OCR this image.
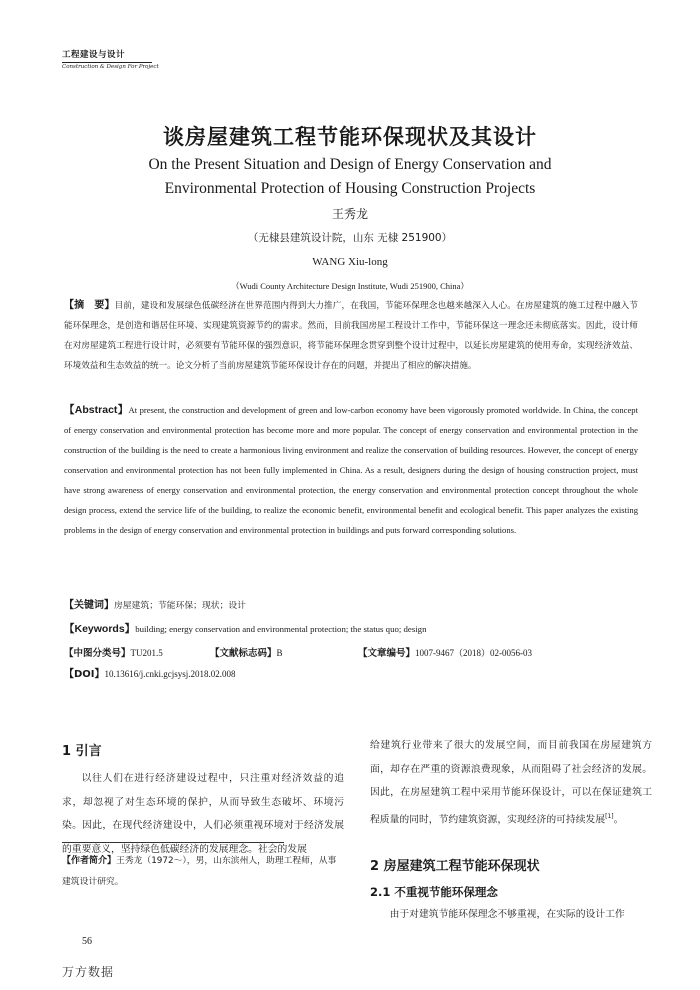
工程建设与设计
Construction & Design For Project
谈房屋建筑工程节能环保现状及其设计
On the Present Situation and Design of Energy Conservation and
Environmental Protection of Housing Construction Projects
王秀龙
（无棣县建筑设计院，山东 无棣 251900）
WANG Xiu-long
（Wudi County Architecture Design Institute, Wudi 251900, China）
【摘　要】目前，建设和发展绿色低碳经济在世界范围内得到大力推广，在我国，节能环保理念也越来越深入人心。在房屋建筑的施工过程中融入节能环保理念，是创造和谐居住环境、实现建筑资源节约的需求。然而，目前我国房屋工程设计工作中，节能环保这一理念还未彻底落实。因此，设计师在对房屋建筑工程进行设计时，必须要有节能环保的强烈意识，将节能环保理念贯穿到整个设计过程中，以延长房屋建筑的使用寿命，实现经济效益、环境效益和生态效益的统一。论文分析了当前房屋建筑节能环保设计存在的问题，并提出了相应的解决措施。
【Abstract】At present, the construction and development of green and low-carbon economy have been vigorously promoted worldwide. In China, the concept of energy conservation and environmental protection has become more and more popular. The concept of energy conservation and environmental protection in the construction of the building is the need to create a harmonious living environment and realize the conservation of building resources. However, the concept of energy conservation and environmental protection has not been fully implemented in China. As a result, designers during the design of housing construction project, must have strong awareness of energy conservation and environmental protection, the energy conservation and environmental protection concept throughout the whole design process, extend the service life of the building, to realize the economic benefit, environmental benefit and ecological benefit. This paper analyzes the existing problems in the design of energy conservation and environmental protection in buildings and puts forward corresponding solutions.
【关键词】房屋建筑；节能环保；现状；设计
【Keywords】building; energy conservation and environmental protection; the status quo; design
【中图分类号】TU201.5	【文献标志码】B	【文章编号】1007-9467（2018）02-0056-03
【DOI】10.13616/j.cnki.gcjsysj.2018.02.008
1 引言
以往人们在进行经济建设过程中，只注重对经济效益的追求，却忽视了对生态环境的保护，从而导致生态破坏、环境污染。因此，在现代经济建设中，人们必须重视环境对于经济发展的重要意义，坚持绿色低碳经济的发展理念。社会的发展
【作者简介】王秀龙（1972～），男，山东滨州人，助理工程师，从事建筑设计研究。
给建筑行业带来了很大的发展空间，而目前我国在房屋建筑方面，却存在严重的资源浪费现象，从而阻碍了社会经济的发展。因此，在房屋建筑工程中采用节能环保设计，可以在保证建筑工程质量的同时，节约建筑资源，实现经济的可持续发展[1]。
2 房屋建筑工程节能环保现状
2.1 不重视节能环保理念
由于对建筑节能环保理念不够重视，在实际的设计工作
56
万方数据
